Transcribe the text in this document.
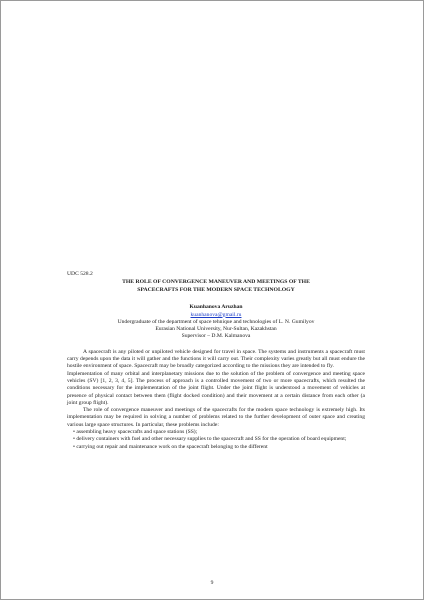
UDC 528.2

THE ROLE OF CONVERGENCE MANEUVER AND MEETINGS OF THE
SPACECRAFTS FOR THE MODERN SPACE TECHNOLOGY

Kuanhanova Aruzhan

kuanhanova@gmail.ru

Undergraduate of the department of space tehnique and technologies of L. N. Gumilyov

Eurasian National University, Nur-Sultan, Kazakhstan

Supervisor – D.M. Kalmanova

A spacecraft is any piloted or unpiloted vehicle designed for travel in space. The systems and instruments a spacecraft must carry depends upon the data it will gather and the functions it will carry out. Their complexity varies greatly but all must endure the hostile environment of space. Spacecraft may be broadly categorized according to the missions they are intended to fly.

Implementation of many orbital and interplanetary missions due to the solution of the problem of convergence and meeting space vehicles (SV) [1, 2, 3, 4, 5]. The process of approach is a controlled movement of two or more spacecrafts, which resulted the conditions necessary for the implementation of the joint flight. Under the joint flight is understood a movement of vehicles at presence of physical contact between them (flight docked condition) and their movement at a certain distance from each other (a joint group flight).

The role of convergence maneuver and meetings of the spacecrafts for the modern space technology is extremely high. Its implementation may be required in solving a number of problems related to the further development of outer space and creating various large space structures. In particular, these problems include:

• assembling heavy spacecrafts and space stations (SS);
• delivery containers with fuel and other necessary supplies to the spacecraft and SS for the operation of board equipment;
• carrying out repair and maintenance work on the spacecraft belonging to the different
9
